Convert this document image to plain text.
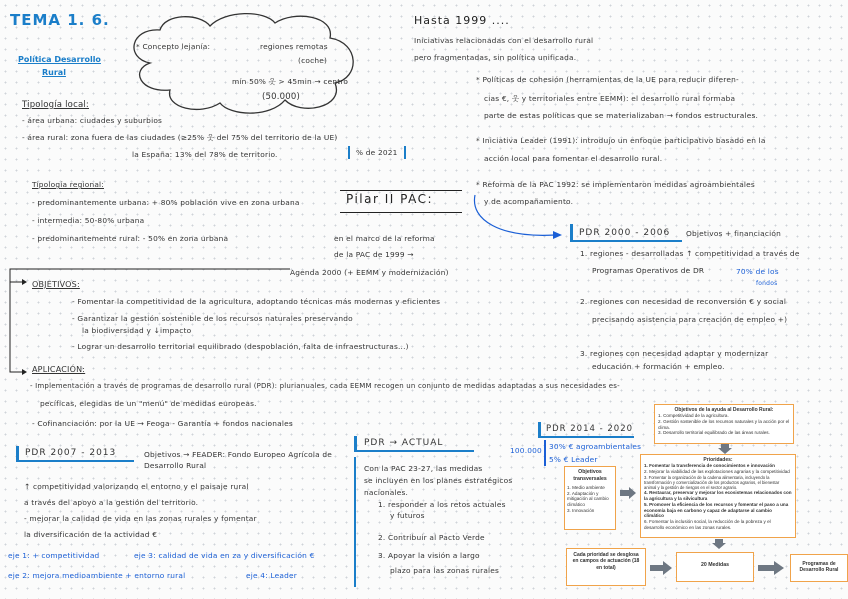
TEMA 1. 6.
Política Desarrollo
Rural
* Concepto lejanía:	regiones remotas
(coche)
mín 50% 옷 > 45min → centro
(50.000)
Tipología local:
- área urbana: ciudades y suburbios
- área rural: zona fuera de las ciudades (≥25% 옷 del 75% del territorio de la UE)
la España: 13% del 78% de territorio.	% de 2021
Tipología regional:
- predominantemente urbana: + 80% población vive en zona urbana
- intermedia: 50-80% urbana
- predominantemente rural: - 50% en zona urbana
Pilar II PAC:
en el marco de la reforma
de la PAC de 1999 →
Agenda 2000 (+ EEMM y modernización)
Hasta 1999 ....
Iniciativas relacionadas con el desarrollo rural
pero fragmentadas, sin política unificada.
* Políticas de cohesión (herramientas de la UE para reducir diferen-
cias €, 옷 y territoriales entre EEMM): el desarrollo rural formaba
parte de estas políticas que se materializaban → fondos estructurales.
* Iniciativa Leader (1991): introdujo un enfoque participativo basado en la
acción local para fomentar el desarrollo rural.
* Reforma de la PAC 1992: se implementaron medidas agroambientales
y de acompañamiento.
PDR 2000 - 2006 Objetivos + financiación
1. regiones - desarrolladas ↑ competitividad a través de
Programas Operativos de DR	70% de los
fondos
2. regiones con necesidad de reconversión € y social
precisando asistencia para creación de empleo +)
3. regiones con necesidad adaptar y modernizar
educación + formación + empleo.
OBJETIVOS:
- Fomentar la competitividad de la agricultura, adoptando técnicas más modernas y eficientes
- Garantizar la gestión sostenible de los recursos naturales preservando
la biodiversidad y ↓impacto
- Lograr un desarrollo territorial equilibrado (despoblación, falta de infraestructuras...)
APLICACIÓN:
- Implementación a través de programas de desarrollo rural (PDR): plurianuales, cada EEMM recogen un conjunto de medidas adaptadas a sus necesidades es-
pecíficas, elegidas de un "menú" de medidas europeas.
- Cofinanciación: por la UE → Feoga - Garantía + fondos nacionales
PDR 2007 - 2013	Objetivos → FEADER: Fondo Europeo Agrícola de Desarrollo Rural
↑ competitividad valorizando el entorno y el paisaje rural
a través del apoyo a la gestión del territorio.
- mejorar la calidad de vida en las zonas rurales y fomentar
la diversificación de la actividad €
eje 1: + competitividad	eje 3: calidad de vida en za y diversificación €
eje 2: mejora medioambiente + entorno rural	eje 4: Leader
PDR → ACTUAL
Con la PAC 23-27, las medidas
se incluyen en los planes estratégicos
nacionales.
1. responder a los retos actuales
y futuros
2. Contribuir al Pacto Verde
3. Apoyar la visión a largo
plazo para las zonas rurales
PDR 2014 - 2020
100.000 30% € agroambientales
5% € Leader
Objetivos de la ayuda al Desarrollo Rural:
1. Competitividad de la agricultura.
2. Gestión sostenible de los recursos naturales y la acción por el clima.
3. Desarrollo territorial equilibrado de las áreas rurales.
Objetivos transversales
1. Medio ambiente
2. Adaptación y mitigación al cambio climático
3. Innovación
Prioridades:
1. Fomentar la transferencia de conocimientos e innovación
2. Mejorar la viabilidad de las explotaciones agrarias y la competitividad
3. Fomentar la organización de la cadena alimentaria, incluyendo la transformación y comercialización de los productos agrarios, el bienestar animal y la gestión de riesgos en el sector agrario.
4. Restaurar, preservar y mejorar los ecosistemas relacionados con la agricultura y la silvicultura
5. Promover la eficiencia de los recursos y fomentar el paso a una economía baja en carbono y capaz de adaptarse al cambio climático
6. Fomentar la inclusión social, la reducción de la pobreza y el desarrollo económico en las zonas rurales.
Cada prioridad se desglosa en campos de actuación (18 en total)	20 Medidas	Programas de Desarrollo Rural
